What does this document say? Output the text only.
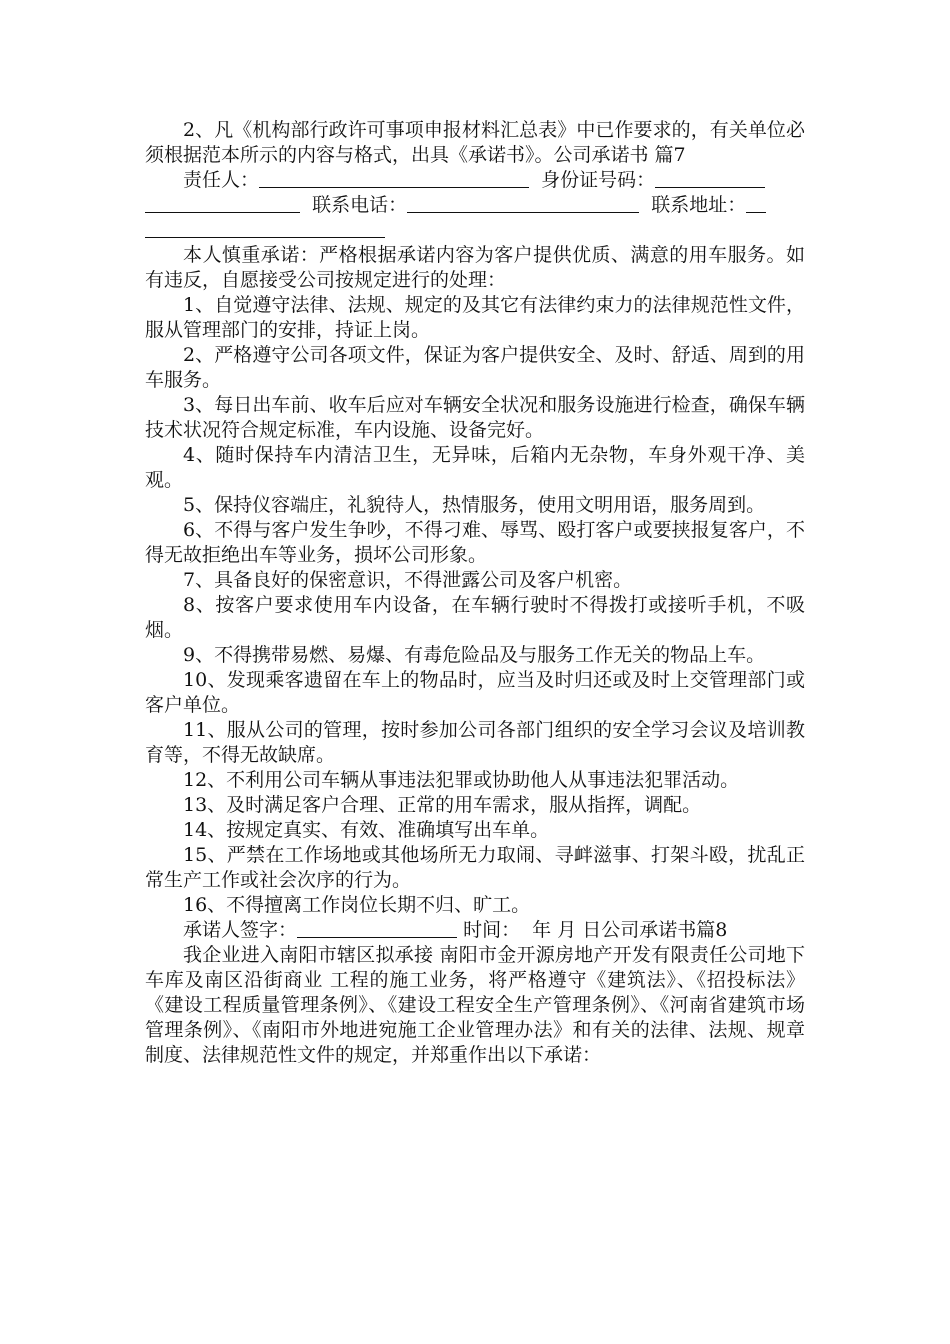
2、凡《机构部行政许可事项申报材料汇总表》中已作要求的，有关单位必须根据范本所示的内容与格式，出具《承诺书》。公司承诺书 篇7

责任人：	身份证号码：
联系电话：	联系地址：

本人慎重承诺：严格根据承诺内容为客户提供优质、满意的用车服务。如有违反，自愿接受公司按规定进行的处理：

1、自觉遵守法律、法规、规定的及其它有法律约束力的法律规范性文件，服从管理部门的安排，持证上岗。

2、严格遵守公司各项文件，保证为客户提供安全、及时、舒适、周到的用车服务。

3、每日出车前、收车后应对车辆安全状况和服务设施进行检查，确保车辆技术状况符合规定标准，车内设施、设备完好。

4、随时保持车内清洁卫生，无异味，后箱内无杂物，车身外观干净、美观。

5、保持仪容端庄，礼貌待人，热情服务，使用文明用语，服务周到。

6、不得与客户发生争吵，不得刁难、辱骂、殴打客户或要挟报复客户，不得无故拒绝出车等业务，损坏公司形象。

7、具备良好的保密意识，不得泄露公司及客户机密。

8、按客户要求使用车内设备，在车辆行驶时不得拨打或接听手机，不吸烟。

9、不得携带易燃、易爆、有毒危险品及与服务工作无关的物品上车。

10、发现乘客遗留在车上的物品时，应当及时归还或及时上交管理部门或客户单位。

11、服从公司的管理，按时参加公司各部门组织的安全学习会议及培训教育等，不得无故缺席。

12、不利用公司车辆从事违法犯罪或协助他人从事违法犯罪活动。

13、及时满足客户合理、正常的用车需求，服从指挥，调配。

14、按规定真实、有效、准确填写出车单。

15、严禁在工作场地或其他场所无力取闹、寻衅滋事、打架斗殴，扰乱正常生产工作或社会次序的行为。

16、不得擅离工作岗位长期不归、旷工。

承诺人签字：	时间： 年 月 日公司承诺书篇8

我企业进入南阳市辖区拟承接 南阳市金开源房地产开发有限责任公司地下车库及南区沿街商业 工程的施工业务，将严格遵守《建筑法》、《招投标法》《建设工程质量管理条例》、《建设工程安全生产管理条例》、《河南省建筑市场管理条例》、《南阳市外地进宛施工企业管理办法》和有关的法律、法规、规章制度、法律规范性文件的规定，并郑重作出以下承诺：
